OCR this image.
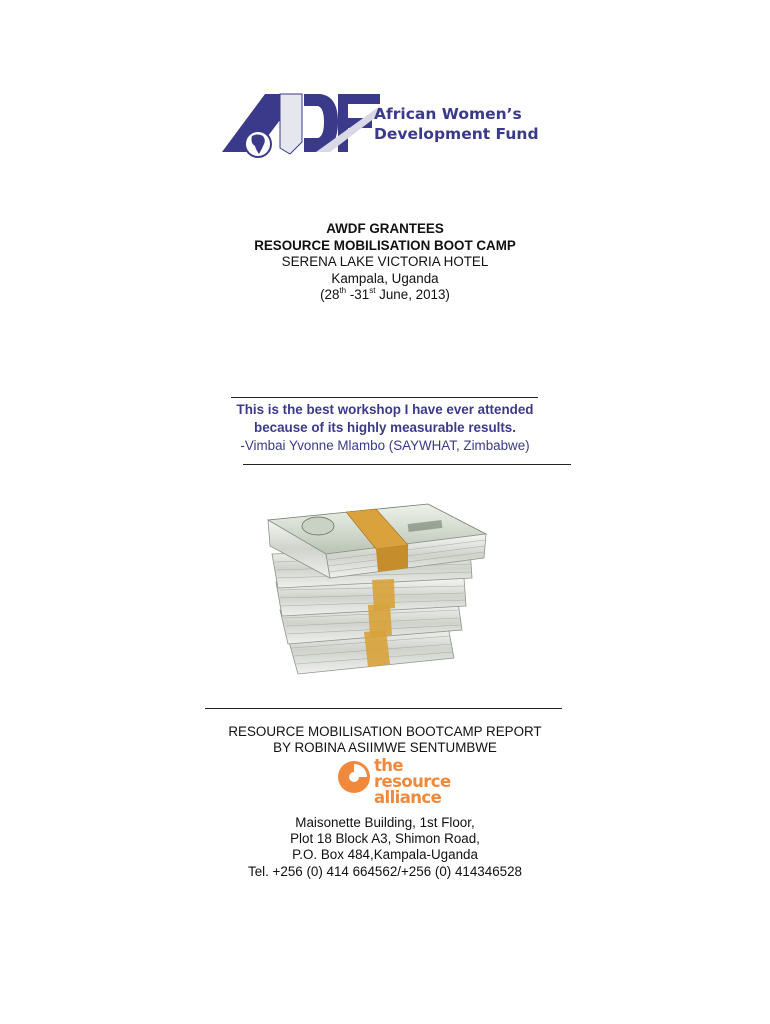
African Women’s
Development Fund
AWDF GRANTEES
RESOURCE MOBILISATION BOOT CAMP
SERENA LAKE VICTORIA HOTEL
Kampala, Uganda
(28th -31st June, 2013)
This is the best workshop I have ever attended
because of its highly measurable results.
-Vimbai Yvonne Mlambo (SAYWHAT, Zimbabwe)
RESOURCE MOBILISATION BOOTCAMP REPORT
BY ROBINA ASIIMWE SENTUMBWE
the
resource
alliance
Maisonette Building, 1st Floor,
Plot 18 Block A3, Shimon Road,
P.O. Box 484,Kampala-Uganda
Tel. +256 (0) 414 664562/+256 (0) 414346528
